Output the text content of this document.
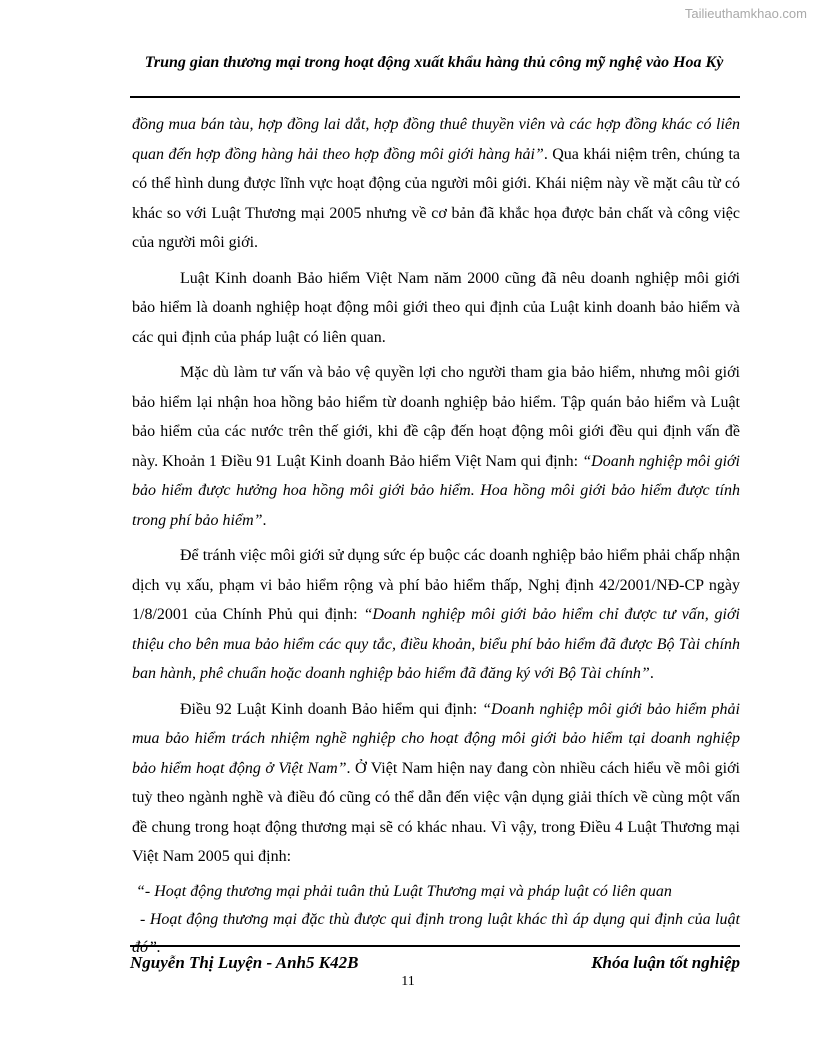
Tailieuthamkhao.com
Trung gian thương mại trong hoạt động xuất khẩu hàng thủ công mỹ nghệ vào Hoa Kỳ

đồng mua bán tàu, hợp đồng lai dắt, hợp đồng thuê thuyền viên và các hợp đồng khác có liên quan đến hợp đồng hàng hải theo hợp đồng môi giới hàng hải”. Qua khái niệm trên, chúng ta có thể hình dung được lĩnh vực hoạt động của người môi giới. Khái niệm này về mặt câu từ có khác so với Luật Thương mại 2005 nhưng về cơ bản đã khắc họa được bản chất và công việc của người môi giới.

Luật Kinh doanh Bảo hiểm Việt Nam năm 2000 cũng đã nêu doanh nghiệp môi giới bảo hiểm là doanh nghiệp hoạt động môi giới theo qui định của Luật kinh doanh bảo hiểm và các qui định của pháp luật có liên quan.

Mặc dù làm tư vấn và bảo vệ quyền lợi cho người tham gia bảo hiểm, nhưng môi giới bảo hiểm lại nhận hoa hồng bảo hiểm từ doanh nghiệp bảo hiểm. Tập quán bảo hiểm và Luật bảo hiểm của các nước trên thế giới, khi đề cập đến hoạt động môi giới đều qui định vấn đề này. Khoản 1 Điều 91 Luật Kinh doanh Bảo hiểm Việt Nam qui định: “Doanh nghiệp môi giới bảo hiểm được hưởng hoa hồng môi giới bảo hiểm. Hoa hồng môi giới bảo hiểm được tính trong phí bảo hiểm”.

Để tránh việc môi giới sử dụng sức ép buộc các doanh nghiệp bảo hiểm phải chấp nhận dịch vụ xấu, phạm vi bảo hiểm rộng và phí bảo hiểm thấp, Nghị định 42/2001/NĐ-CP ngày 1/8/2001 của Chính Phủ qui định: “Doanh nghiệp môi giới bảo hiểm chỉ được tư vấn, giới thiệu cho bên mua bảo hiểm các quy tắc, điều khoản, biểu phí bảo hiểm đã được Bộ Tài chính ban hành, phê chuẩn hoặc doanh nghiệp bảo hiểm đã đăng ký với Bộ Tài chính”.

Điều 92 Luật Kinh doanh Bảo hiểm qui định: “Doanh nghiệp môi giới bảo hiểm phải mua bảo hiểm trách nhiệm nghề nghiệp cho hoạt động môi giới bảo hiểm tại doanh nghiệp bảo hiểm hoạt động ở Việt Nam”. Ở Việt Nam hiện nay đang còn nhiều cách hiểu về môi giới tuỳ theo ngành nghề và điều đó cũng có thể dẫn đến việc vận dụng giải thích về cùng một vấn đề chung trong hoạt động thương mại sẽ có khác nhau. Vì vậy, trong Điều 4 Luật Thương mại Việt Nam 2005 qui định:

“- Hoạt động thương mại phải tuân thủ Luật Thương mại và pháp luật có liên quan

- Hoạt động thương mại đặc thù được qui định trong luật khác thì áp dụng qui định của luật đó”.

Nguyễn Thị Luyện - Anh5 K42B	Khóa luận tốt nghiệp
11
